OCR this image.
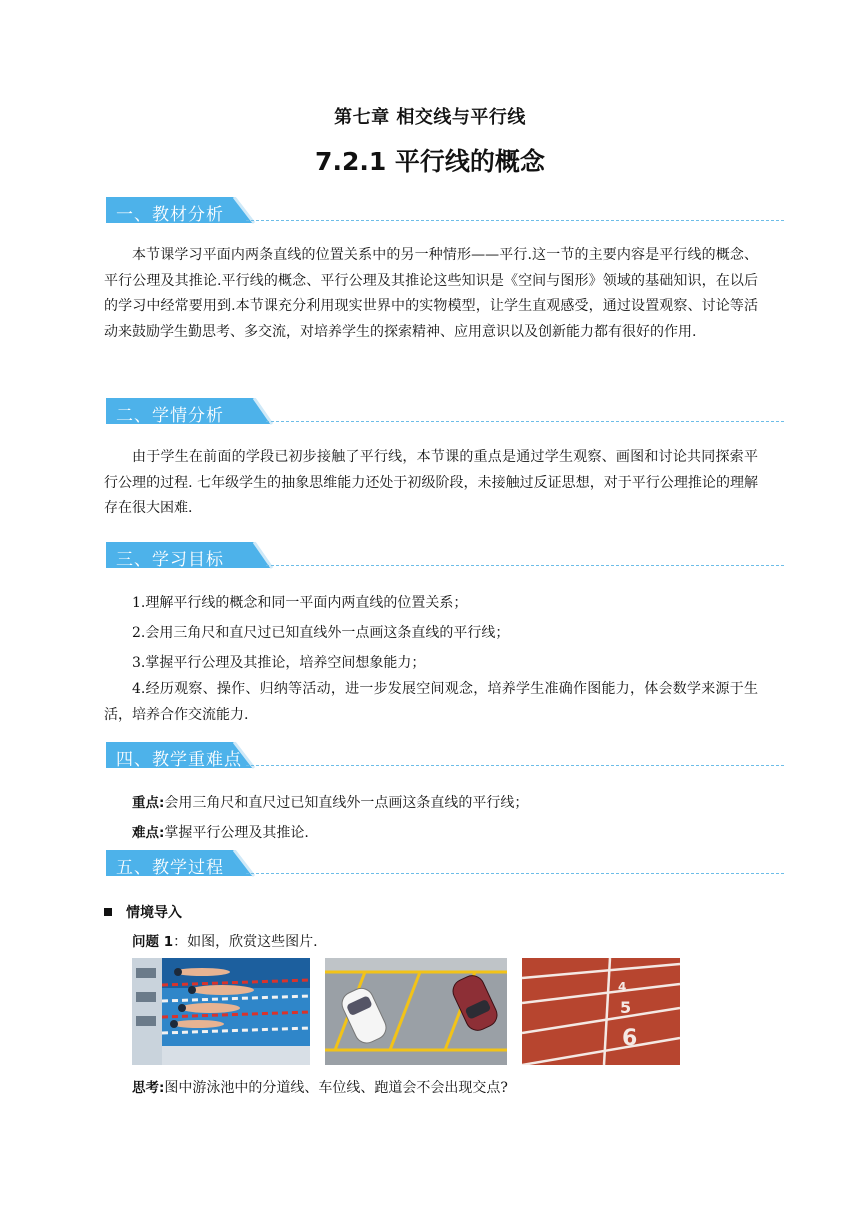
第七章 相交线与平行线
7.2.1 平行线的概念
一、教材分析

本节课学习平面内两条直线的位置关系中的另一种情形——平行.这一节的主要内容是平行线的概念、平行公理及其推论.平行线的概念、平行公理及其推论这些知识是《空间与图形》领域的基础知识，在以后的学习中经常要用到.本节课充分利用现实世界中的实物模型，让学生直观感受，通过设置观察、讨论等活动来鼓励学生勤思考、多交流，对培养学生的探索精神、应用意识以及创新能力都有很好的作用.

二、学情分析

由于学生在前面的学段已初步接触了平行线，本节课的重点是通过学生观察、画图和讨论共同探索平行公理的过程. 七年级学生的抽象思维能力还处于初级阶段，未接触过反证思想，对于平行公理推论的理解存在很大困难.

三、学习目标
1.理解平行线的概念和同一平面内两直线的位置关系；
2.会用三角尺和直尺过已知直线外一点画这条直线的平行线；
3.掌握平行公理及其推论，培养空间想象能力；

4.经历观察、操作、归纳等活动，进一步发展空间观念，培养学生准确作图能力，体会数学来源于生活，培养合作交流能力.

四、教学重难点
重点:会用三角尺和直尺过已知直线外一点画这条直线的平行线；
难点:掌握平行公理及其推论.
五、教学过程
情境导入
问题 1：如图，欣赏这些图片.
4
5
6
思考:图中游泳池中的分道线、车位线、跑道会不会出现交点?
